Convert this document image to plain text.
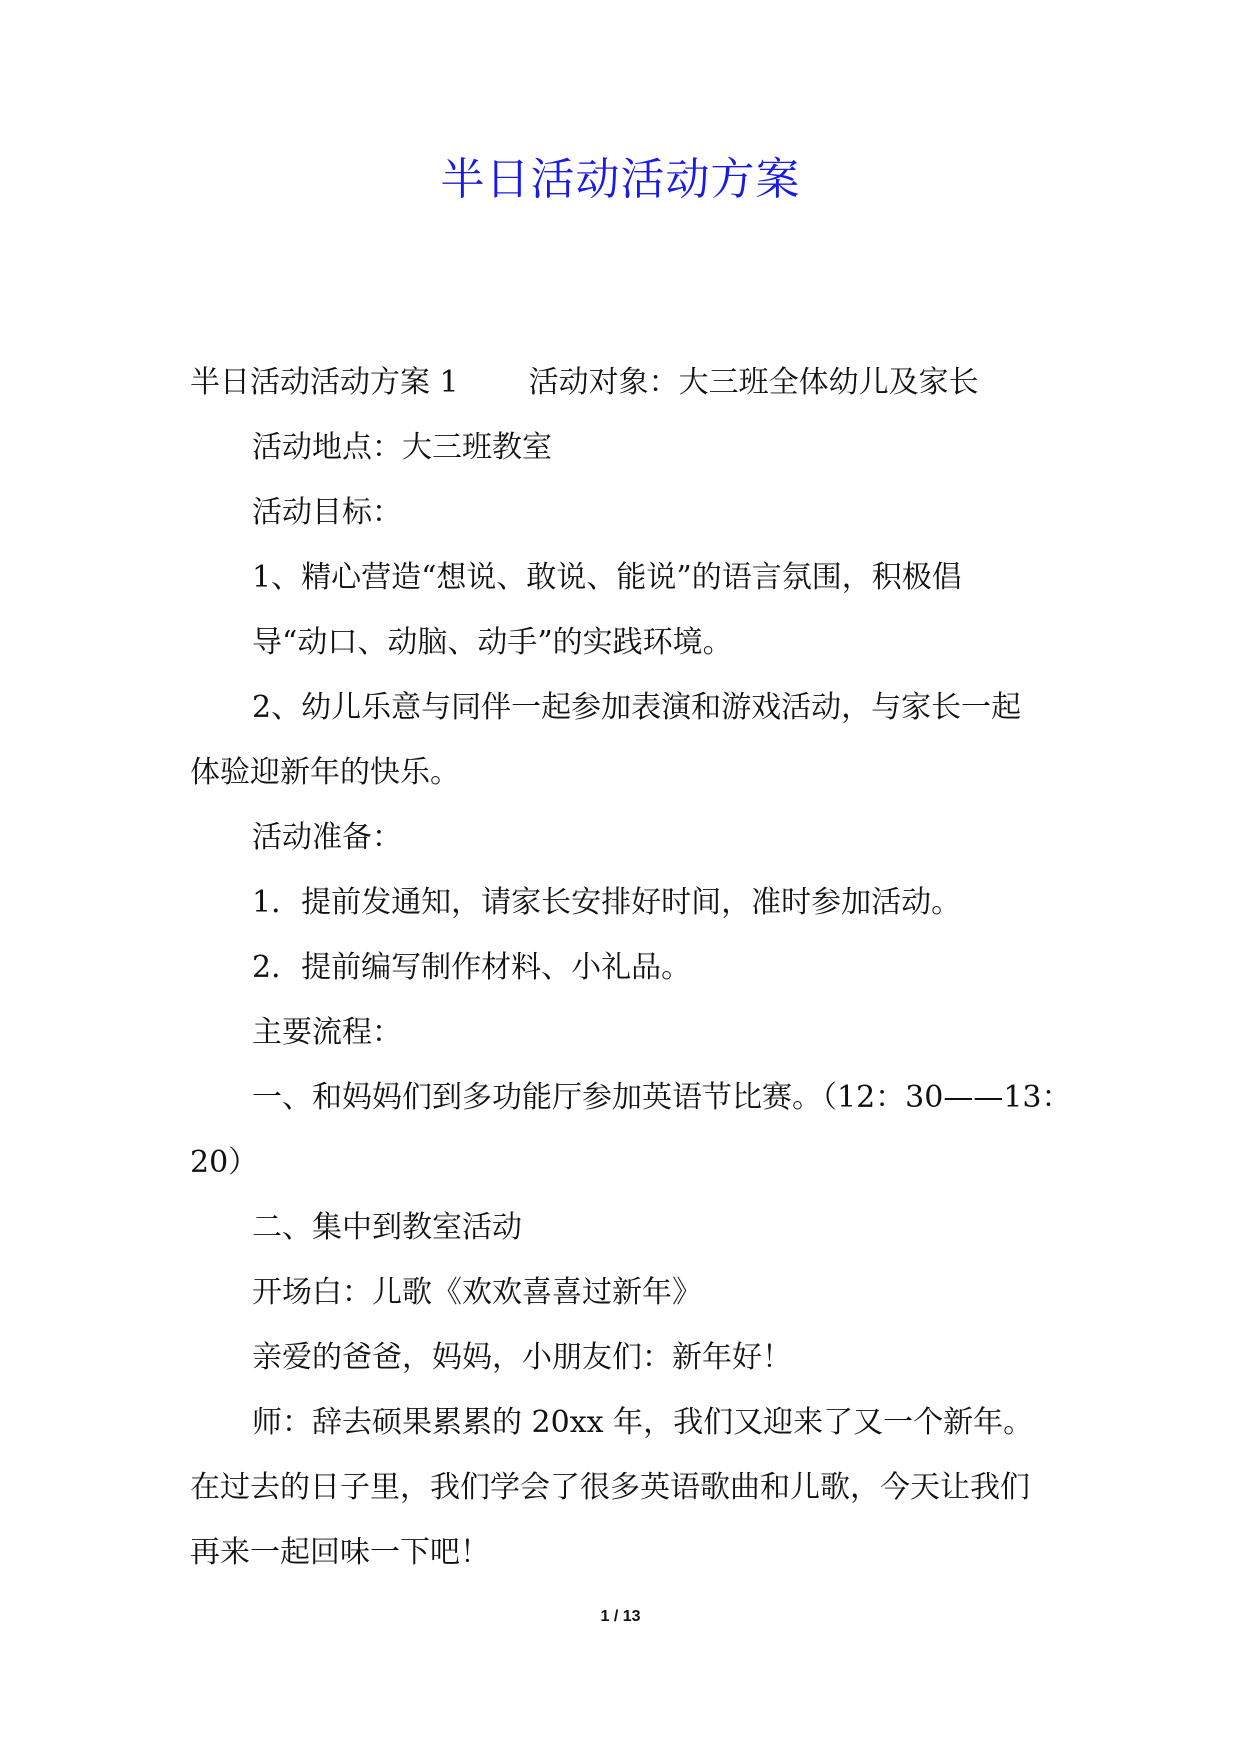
半日活动活动方案

半日活动活动方案 1 活动对象：大三班全体幼儿及家长

活动地点：大三班教室

活动目标：

1、精心营造“想说、敢说、能说”的语言氛围，积极倡

导“动口、动脑、动手”的实践环境。

2、幼儿乐意与同伴一起参加表演和游戏活动，与家长一起

体验迎新年的快乐。

活动准备：

1．提前发通知，请家长安排好时间，准时参加活动。

2．提前编写制作材料、小礼品。

主要流程：

一、和妈妈们到多功能厅参加英语节比赛。（12：30——13：

20）

二、集中到教室活动

开场白：儿歌《欢欢喜喜过新年》

亲爱的爸爸，妈妈，小朋友们：新年好！

师：辞去硕果累累的 20xx 年，我们又迎来了又一个新年。

在过去的日子里，我们学会了很多英语歌曲和儿歌，今天让我们

再来一起回味一下吧！

1 / 13
